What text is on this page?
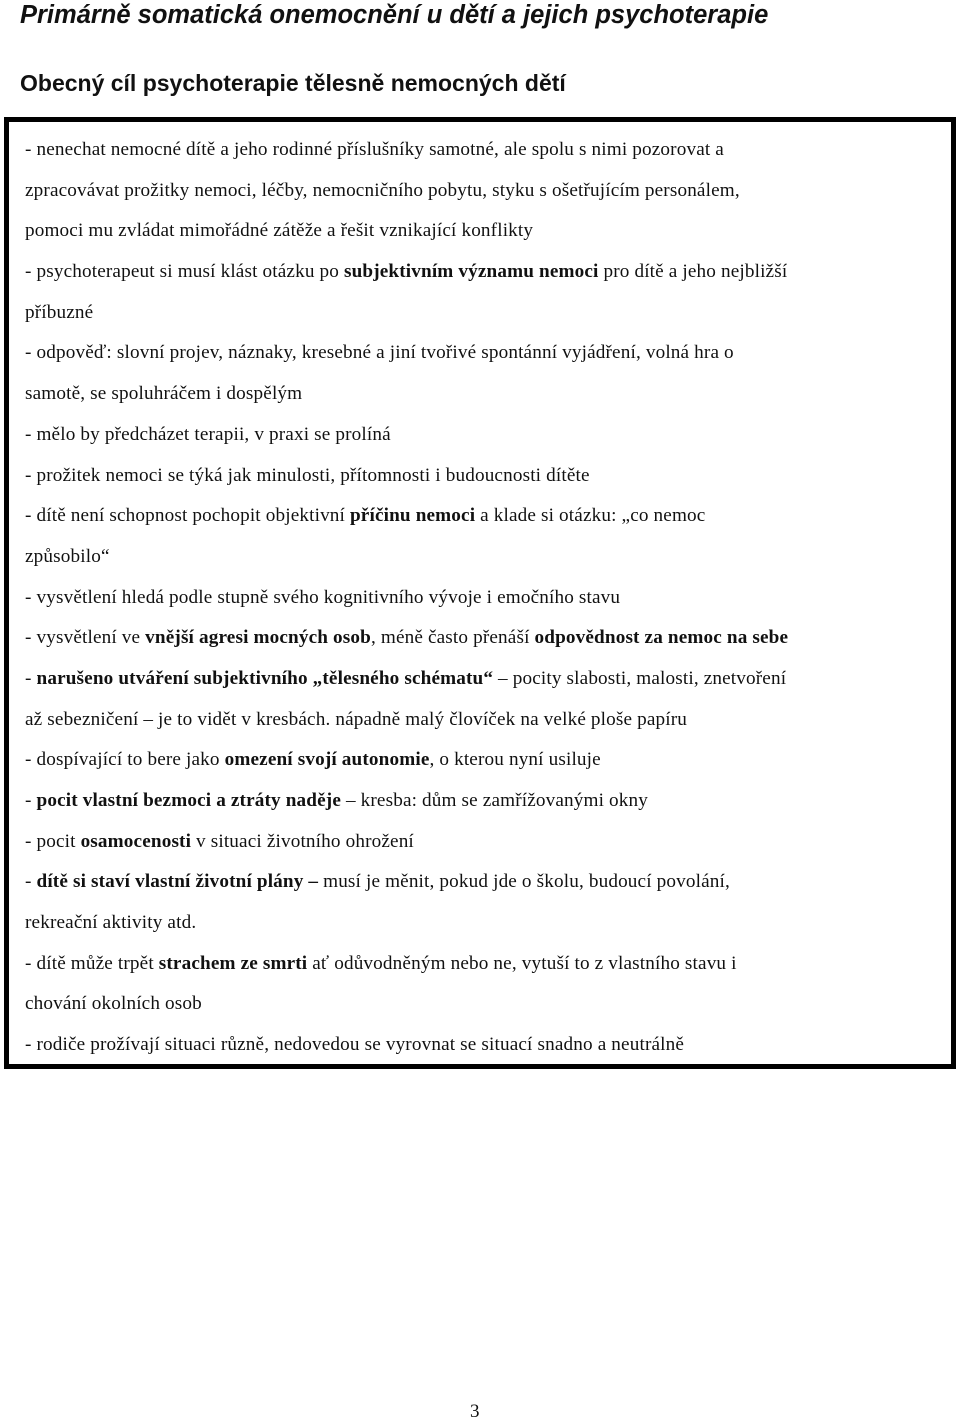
Primárně somatická onemocnění u dětí a jejich psychoterapie
Obecný cíl psychoterapie tělesně nemocných dětí
- nenechat nemocné dítě a jeho rodinné příslušníky samotné, ale spolu s nimi pozorovat a
zpracovávat prožitky nemoci, léčby, nemocničního pobytu, styku s ošetřujícím personálem,
pomoci mu zvládat mimořádné zátěže a řešit vznikající konflikty
- psychoterapeut si musí klást otázku po subjektivním významu nemoci pro dítě a jeho nejbližší
příbuzné
- odpověď: slovní projev, náznaky, kresebné a jiní tvořivé spontánní vyjádření, volná hra o
samotě, se spoluhráčem i dospělým
- mělo by předcházet terapii, v praxi se prolíná
- prožitek nemoci se týká jak minulosti, přítomnosti i budoucnosti dítěte
- dítě není schopnost pochopit objektivní příčinu nemoci a klade si otázku: „co nemoc
způsobilo“
- vysvětlení hledá podle stupně svého kognitivního vývoje i emočního stavu
- vysvětlení ve vnější agresi mocných osob, méně často přenáší odpovědnost za nemoc na sebe
- narušeno utváření subjektivního „tělesného schématu“ – pocity slabosti, malosti, znetvoření
až sebezničení – je to vidět v kresbách. nápadně malý človíček na velké ploše papíru
- dospívající to bere jako omezení svojí autonomie, o kterou nyní usiluje
- pocit vlastní bezmoci a ztráty naděje – kresba: dům se zamřížovanými okny
- pocit osamocenosti v situaci životního ohrožení
- dítě si staví vlastní životní plány – musí je měnit, pokud jde o školu, budoucí povolání,
rekreační aktivity atd.
- dítě může trpět strachem ze smrti ať odůvodněným nebo ne, vytuší to z vlastního stavu i
chování okolních osob
- rodiče prožívají situaci různě, nedovedou se vyrovnat se situací snadno a neutrálně
3
